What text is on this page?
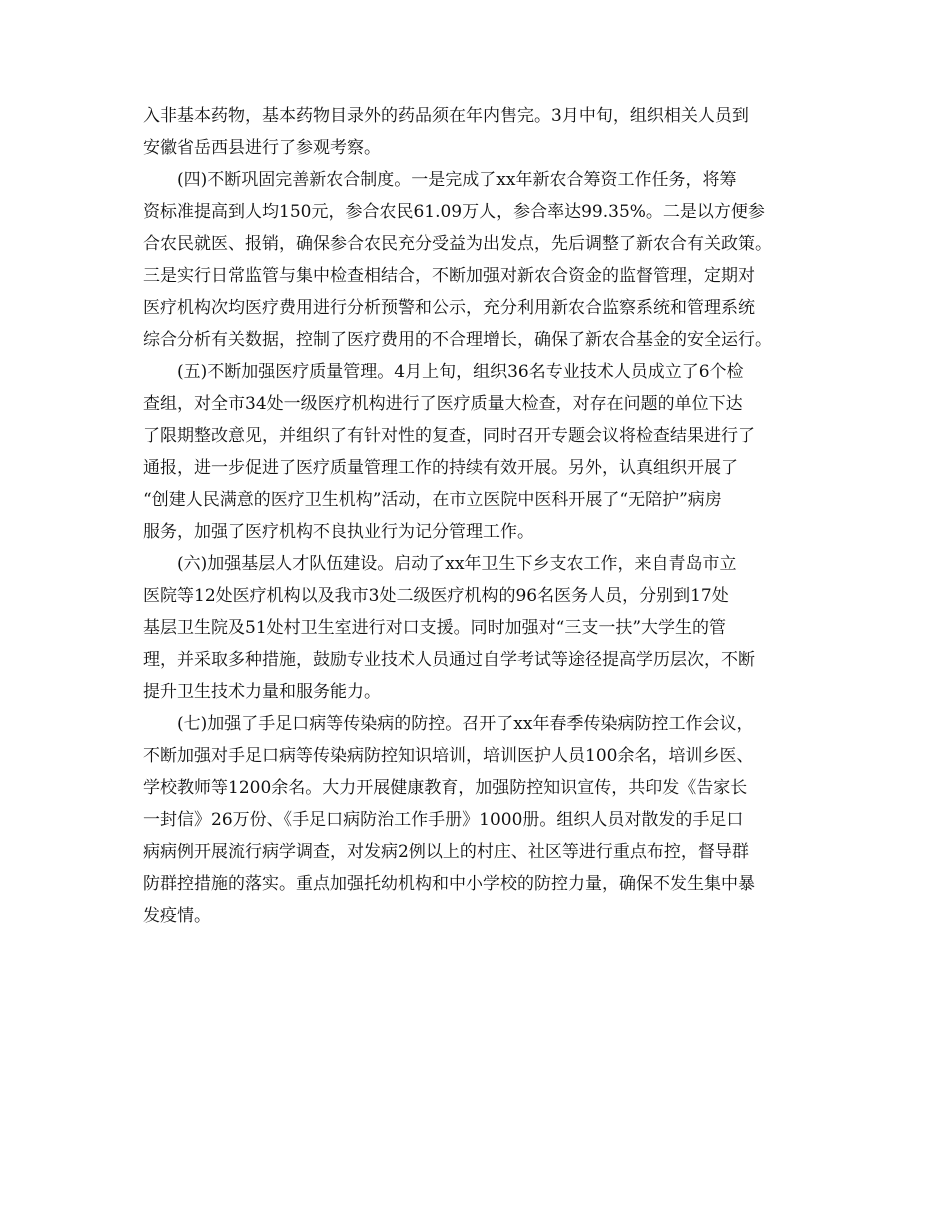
入非基本药物，基本药物目录外的药品须在年内售完。3月中旬，组织相关人员到
安徽省岳西县进行了参观考察。
(四)不断巩固完善新农合制度。一是完成了xx年新农合筹资工作任务，将筹
资标准提高到人均150元，参合农民61.09万人，参合率达99.35%。二是以方便参
合农民就医、报销，确保参合农民充分受益为出发点，先后调整了新农合有关政策。
三是实行日常监管与集中检查相结合，不断加强对新农合资金的监督管理，定期对
医疗机构次均医疗费用进行分析预警和公示，充分利用新农合监察系统和管理系统
综合分析有关数据，控制了医疗费用的不合理增长，确保了新农合基金的安全运行。
(五)不断加强医疗质量管理。4月上旬，组织36名专业技术人员成立了6个检
查组，对全市34处一级医疗机构进行了医疗质量大检查，对存在问题的单位下达
了限期整改意见，并组织了有针对性的复查，同时召开专题会议将检查结果进行了
通报，进一步促进了医疗质量管理工作的持续有效开展。另外，认真组织开展了
“创建人民满意的医疗卫生机构”活动，在市立医院中医科开展了“无陪护”病房
服务，加强了医疗机构不良执业行为记分管理工作。
(六)加强基层人才队伍建设。启动了xx年卫生下乡支农工作，来自青岛市立
医院等12处医疗机构以及我市3处二级医疗机构的96名医务人员，分别到17处
基层卫生院及51处村卫生室进行对口支援。同时加强对“三支一扶”大学生的管
理，并采取多种措施，鼓励专业技术人员通过自学考试等途径提高学历层次，不断
提升卫生技术力量和服务能力。
(七)加强了手足口病等传染病的防控。召开了xx年春季传染病防控工作会议，
不断加强对手足口病等传染病防控知识培训，培训医护人员100余名，培训乡医、
学校教师等1200余名。大力开展健康教育，加强防控知识宣传，共印发《告家长
一封信》26万份、《手足口病防治工作手册》1000册。组织人员对散发的手足口
病病例开展流行病学调查，对发病2例以上的村庄、社区等进行重点布控，督导群
防群控措施的落实。重点加强托幼机构和中小学校的防控力量，确保不发生集中暴
发疫情。
